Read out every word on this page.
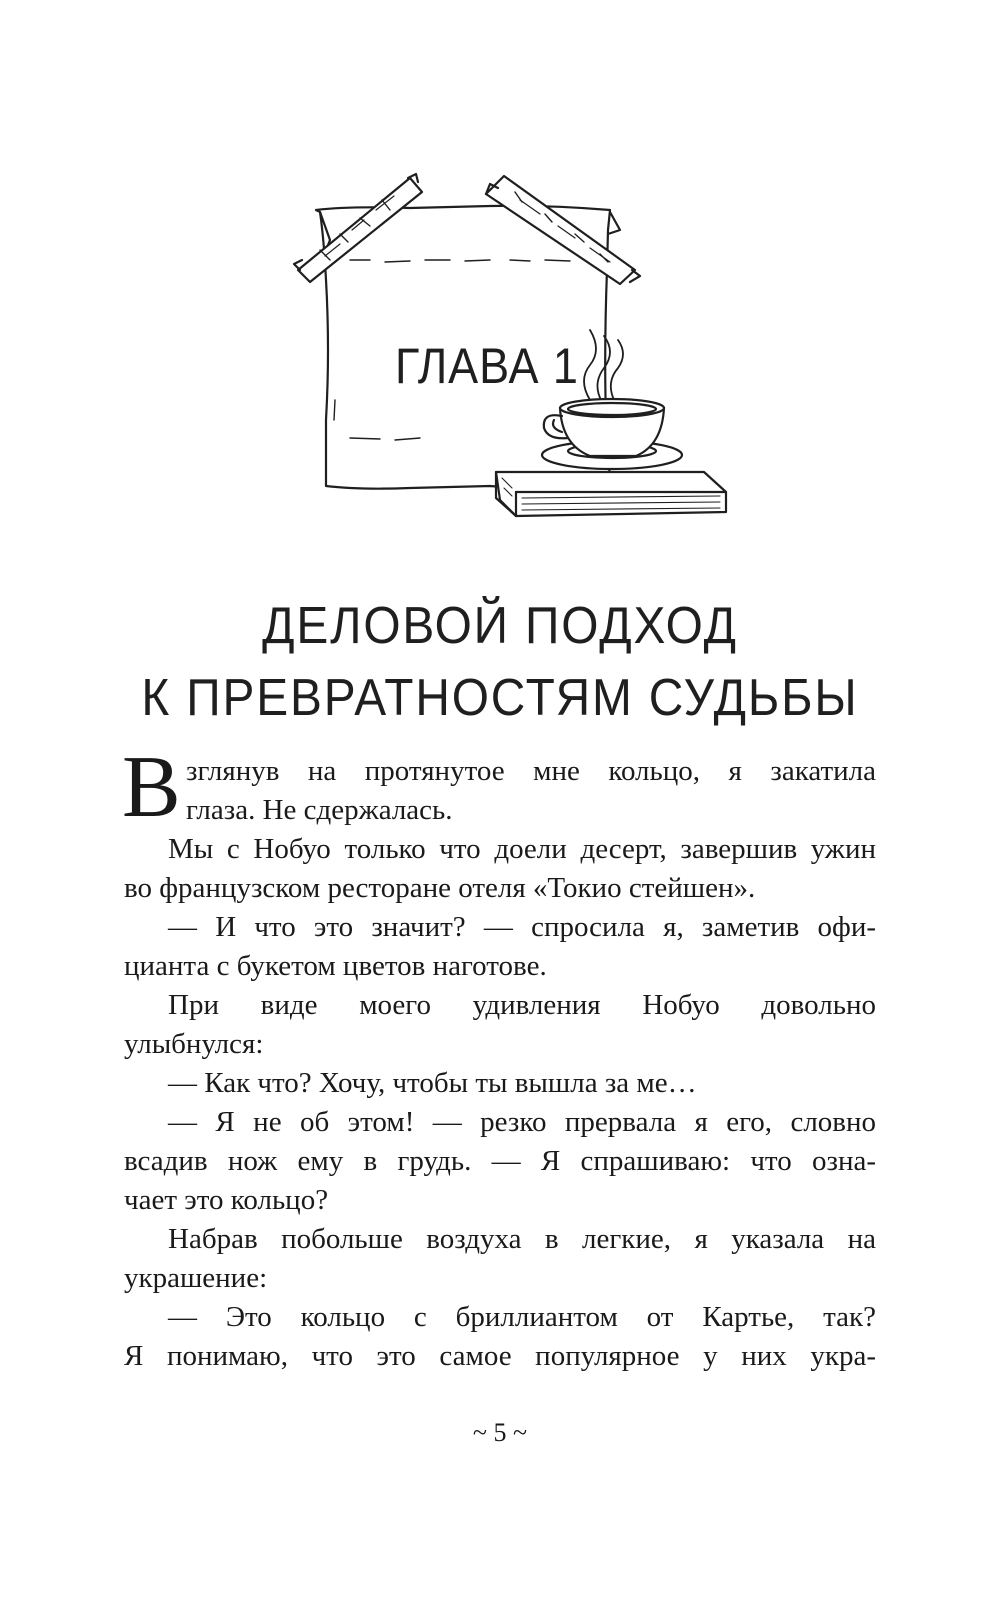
ГЛАВА 1
ДЕЛОВОЙ ПОДХОД
К ПРЕВРАТНОСТЯМ СУДЬБЫ
В зглянув на протянутое мне кольцо, я закатила
глаза. Не сдержалась.
Мы с Нобуо только что доели десерт, завершив ужин
во французском ресторане отеля «Токио стейшен».
— И что это значит? — спросила я, заметив офи-
цианта с букетом цветов наготове.
При виде моего удивления Нобуо довольно
улыбнулся:
— Как что? Хочу, чтобы ты вышла за ме…
— Я не об этом! — резко прервала я его, словно
всадив нож ему в грудь. — Я спрашиваю: что озна-
чает это кольцо?
Набрав побольше воздуха в легкие, я указала на
украшение:
— Это кольцо с бриллиантом от Картье, так?
Я понимаю, что это самое популярное у них укра-
~ 5 ~
